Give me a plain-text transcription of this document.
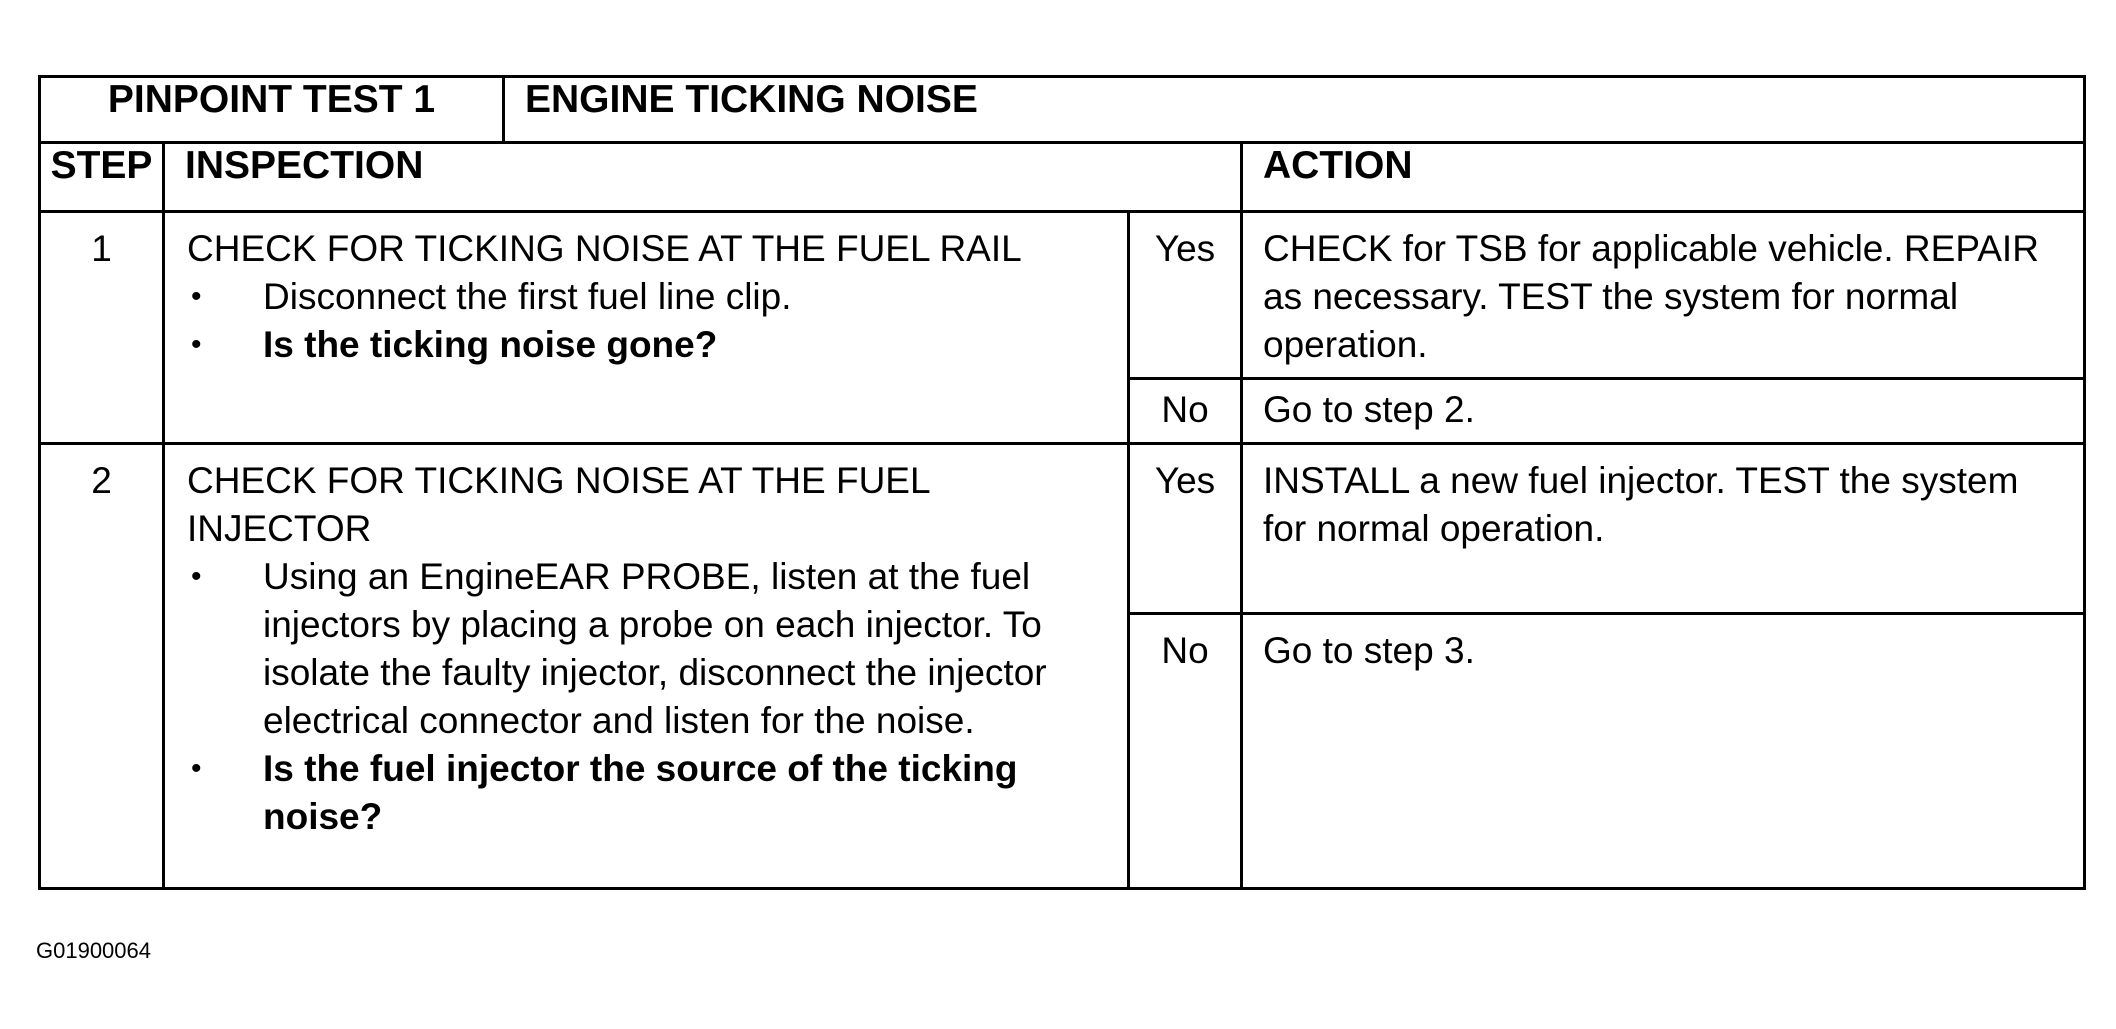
PINPOINT TEST 1		ENGINE TICKING NOISE		
STEP	INSPECTION			ACTION
1	CHECK FOR TICKING NOISE AT THE FUEL RAIL
• Disconnect the first fuel line clip.
• Is the ticking noise gone?		Yes	CHECK for TSB for applicable vehicle. REPAIR as necessary. TEST the system for normal operation.
			No	Go to step 2.
2	CHECK FOR TICKING NOISE AT THE FUEL INJECTOR
• Using an EngineEAR PROBE, listen at the fuel injectors by placing a probe on each injector. To isolate the faulty injector, disconnect the injector electrical connector and listen for the noise.
• Is the fuel injector the source of the ticking noise?		Yes	INSTALL a new fuel injector. TEST the system for normal operation.
			No	Go to step 3.
G01900064
